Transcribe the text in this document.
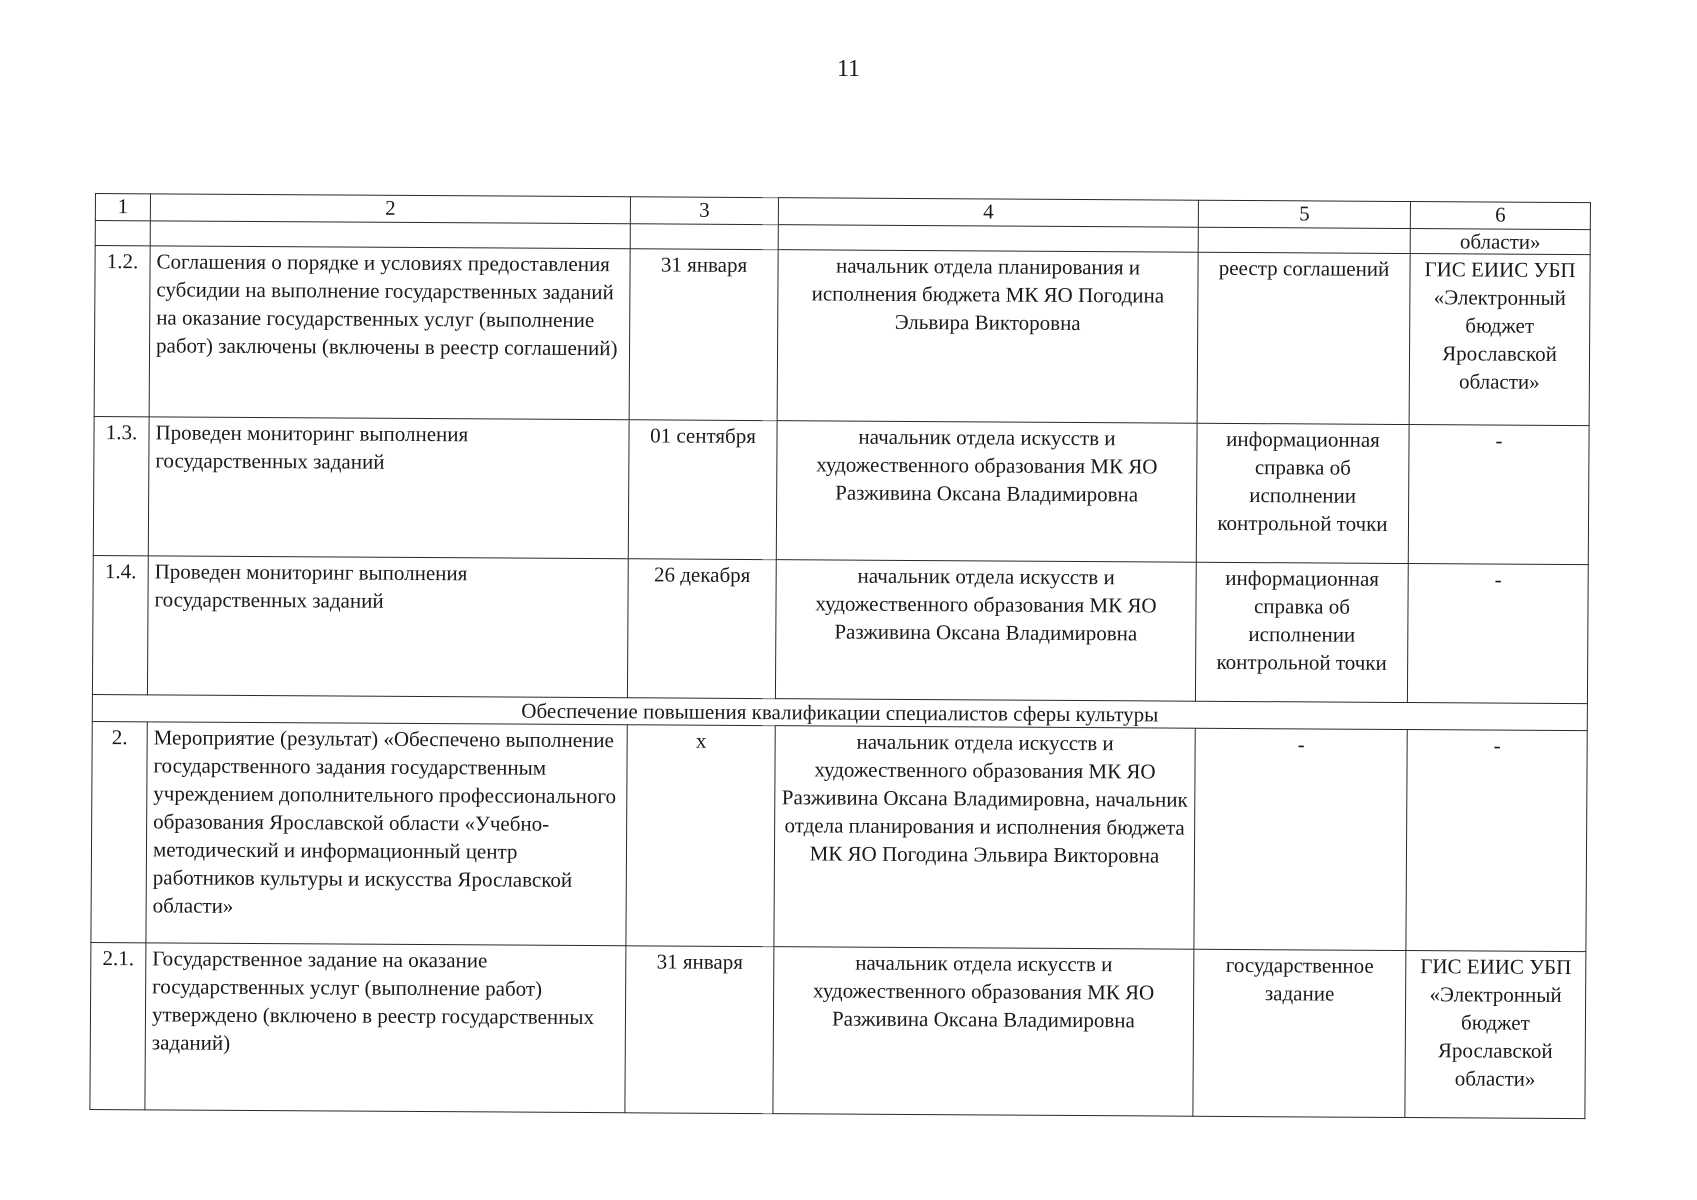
11
1	2	3	4	5	6
					области»
1.2.	Соглашения о порядке и условиях предоставления субсидии на выполнение государственных заданий на оказание государственных услуг (выполнение работ) заключены (включены в реестр соглашений)	31 января	начальник отдела планирования и исполнения бюджета МК ЯО Погодина Эльвира Викторовна	реестр соглашений	ГИС ЕИИС УБП «Электронный бюджет Ярославской области»
1.3.	Проведен мониторинг выполнения государственных заданий	01 сентября	начальник отдела искусств и художественного образования МК ЯО Разживина Оксана Владимировна	информационная справка об исполнении контрольной точки	-
1.4.	Проведен мониторинг выполнения государственных заданий	26 декабря	начальник отдела искусств и художественного образования МК ЯО Разживина Оксана Владимировна	информационная справка об исполнении контрольной точки	-
Обеспечение повышения квалификации специалистов сферы культуры					
2.	Мероприятие (результат) «Обеспечено выполнение государственного задания государственным учреждением дополнительного профессионального образования Ярославской области «Учебно-методический и информационный центр работников культуры и искусства Ярославской области»	х	начальник отдела искусств и художественного образования МК ЯО Разживина Оксана Владимировна, начальник отдела планирования и исполнения бюджета МК ЯО Погодина Эльвира Викторовна	-	-
2.1.	Государственное задание на оказание государственных услуг (выполнение работ) утверждено (включено в реестр государственных заданий)	31 января	начальник отдела искусств и художественного образования МК ЯО Разживина Оксана Владимировна	государственное задание	ГИС ЕИИС УБП «Электронный бюджет Ярославской области»
